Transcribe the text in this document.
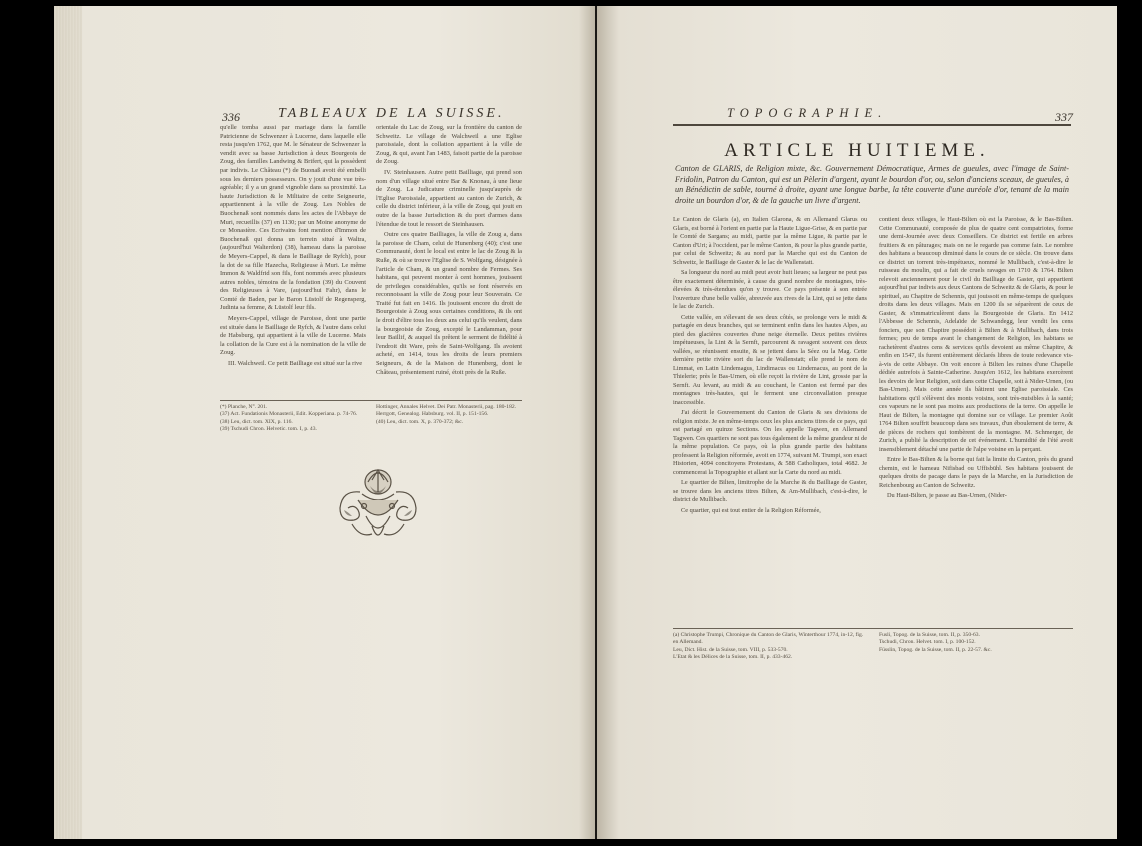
336	TABLEAUX DE LA SUISSE.

qu'elle tomba aussi par mariage dans la famille Patricienne de Schwenzer à Lucerne, dans laquelle elle resta jusqu'en 1762, que M. le Sénateur de Schwenzer la vendit avec sa basse Jurisdiction à deux Bourgeois de Zoug, des familles Landwing & Brifert, qui la possèdent par indivis. Le Château (*) de Buonaß avoit été embelli sous les derniers possesseurs. On y jouit d'une vue très-agréable; il y a un grand vignoble dans sa proximité. La haute Jurisdiction & le Militaire de cette Seigneurie, appartiennent à la ville de Zoug. Les Nobles de Buochenaß sont nommés dans les actes de l'Abbaye de Muri, recueillis (37) en 1130; par un Moine anonyme de ce Monastère. Ces Ecrivains font mention d'Immon de Buochenaß qui donna un terrein situé à Waltra, (aujourd'hui Walterdon) (38), hameau dans la paroisse de Meyers-Cappel, & dans le Bailliage de Ryfch), pour la dot de sa fille Hazecha, Religieuse à Muri. Le même Immon & Waldfrid son fils, font nommés avec plusieurs autres nobles, témoins de la fondation (39) du Couvent des Religieuses à Vare, (aujourd'hui Fahr), dans le Comté de Baden, par le Baron Lüstolf de Regensperg, Judinta sa femme, & Lüstolf leur fils.

Meyers-Cappel, village de Paroisse, dont une partie est située dans le Bailliage de Ryfch, & l'autre dans celui de Habsburg, qui appartient à la ville de Lucerne. Mais la collation de la Cure est à la nomination de la ville de Zoug.

III. Walchweil. Ce petit Bailliage est situé sur la rive

orientale du Lac de Zoug, sur la frontière du canton de Schweitz. Le village de Walchweil a une Eglise paroissiale, dont la collation appartient à la ville de Zoug, & qui, avant l'an 1483, faisoit partie de la paroisse de Zoug.

IV. Steinhausen. Autre petit Bailliage, qui prend son nom d'un village situé entre Bar & Knonau, à une lieue de Zoug. La Judicature criminelle jusqu'auprès de l'Eglise Paroissiale, appartient au canton de Zurich, & celle du district inférieur, à la ville de Zoug, qui jouit en outre de la basse Jurisdiction & du port d'armes dans l'étendue de tout le ressort de Steinhausen.

Outre ces quatre Bailliages, la ville de Zoug a, dans la paroisse de Cham, celui de Hunenberg (40); c'est une Communauté, dont le local est entre le lac de Zoug & la Ruße, & où se trouve l'Eglise de S. Wolfgang, désignée à l'article de Cham, & un grand nombre de Fermes. Ses habitans, qui peuvent monter à cent hommes, jouissent de privileges considérables, qu'ils se font réservés en reconnoissant la ville de Zoug pour leur Souverain. Ce Traité fut fait en 1416. Ils jouissent encore du droit de Bourgeoisie à Zoug sous certaines conditions, & ils ont le droit d'élire tous les deux ans celui qu'ils veulent, dans la bourgeoisie de Zoug, excepté le Landamman, pour leur Baillif, & auquel ils prêtent le serment de fidélité à l'endroit dit Ware, près de Saint-Wolfgang. Ils avoient acheté, en 1414, tous les droits de leurs premiers Seigneurs, & de la Maison de Hunenberg, dont le Château, présentement ruiné, étoit près de la Ruße.

(*) Planche, N°. 201.
(37) Act. Fundationis Monasterii, Edit. Kopperiana. p. 74-76.
(38) Leu, dict. tom. XIX, p. 116.
(39) Tschudi Chron. Helvetic. tom. I, p. 43.
Hottinger, Annales Helvet. Dei Patr. Monasterii, pag. 180-182.
Herrgott, Genealog. Habsburg. vol. II, p. 151-156.
(40) Leu, dict. tom. X, p. 370-372; &c.
TOPOGRAPHIE.	337
ARTICLE HUITIEME.
Canton de GLARIS, de Religion mixte, &c. Gouvernement Démocratique, Armes de gueules, avec l'image de Saint-Fridolin, Patron du Canton, qui est un Pèlerin d'argent, ayant le bourdon d'or, ou, selon d'anciens sceaux, de gueules, à un Bénédictin de sable, tourné à droite, ayant une longue barbe, la tête couverte d'une auréole d'or, tenant de la main droite un bourdon d'or, & de la gauche un livre d'argent.

Le Canton de Glaris (a), en Italien Glarona, & en Allemand Glarus ou Glaris, est borné à l'orient en partie par la Haute Ligue-Grise, & en partie par le Comté de Sargans; au midi, partie par la même Ligue, & partie par le Canton d'Uri; à l'occident, par le même Canton, & pour la plus grande partie, par celui de Schweitz; & au nord par la Marche qui est du Canton de Schweitz, le Bailliage de Gaster & le lac de Wallenstatt.

Sa longueur du nord au midi peut avoir huit lieues; sa largeur ne peut pas être exactement déterminée, à cause du grand nombre de montagnes, très-élevées & très-étendues qu'on y trouve. Ce pays présente à son entrée l'ouverture d'une belle vallée, abreuvée aux rives de la Lint, qui se jette dans le lac de Zurich.

Cette vallée, en s'élevant de ses deux côtés, se prolonge vers le midi & partagée en deux branches, qui se terminent enfin dans les hautes Alpes, au pied des glacières couvertes d'une neige éternelle. Deux petites rivières impétueuses, la Lint & la Sernft, parcourent & ravagent souvent ces deux vallées, se réunissent ensuite, & se jettent dans la Séez ou la Mag. Cette dernière petite rivière sort du lac de Wallenstatt; elle prend le nom de Limmat, en Latin Lindemagus, Lindimacus ou Lindemacus, au pont de la Thielerie; près le Bas-Urnen, où elle reçoit la rivière de Lint, grossie par la Sernft. Au levant, au midi & au couchant, le Canton est fermé par des montagnes très-hautes, qui le ferment une circonvallation presque inaccessible.

J'ai décrit le Gouvernement du Canton de Glaris & ses divisions de religion mixte. Je en même-temps ceux les plus anciens titres de ce pays, qui est partagé en quinze Sections. On les appelle Tagwen, en Allemand Tagwen. Ces quartiers ne sont pas tous également de la même grandeur ni de la même population. Ce pays, où la plus grande partie des habitans professent la Religion réformée, avoit en 1774, suivant M. Trumpi, son exact Historien, 4094 concitoyens Protestans, & 588 Catholiques, total 4682. Je commencerai la Topographie et allant sur la Carte du nord au midi.

Le quartier de Bilten, limitrophe de la Marche & du Bailliage de Gaster, se trouve dans les anciens titres Bilten, & Am-Mullibach, c'est-à-dire, le district de Mullibach.

Ce quartier, qui est tout entier de la Religion Réformée,

contient deux villages, le Haut-Bilten où est la Paroisse, & le Bas-Bilten. Cette Communauté, composée de plus de quatre cent compatriotes, forme une demi-Journée avec deux Conseillers. Ce district est fertile en arbres fruitiers & en pâturages; mais on ne le regarde pas comme fain. Le nombre des habitans a beaucoup diminué dans le cours de ce siècle. On trouve dans ce district un torrent très-impétueux, nommé le Mullibach, c'est-à-dire le ruisseau du moulin, qui a fait de cruels ravages en 1710 & 1764. Bilten relevoit anciennement pour le civil du Bailliage de Gaster, qui appartient aujourd'hui par indivis aux deux Cantons de Schweitz & de Glaris, & pour le spirituel, au Chapitre de Schennis, qui jouissoit en même-temps de quelques droits dans les deux villages. Mais en 1200 ils se séparèrent de ceux de Gaster, & s'immatriculèrent dans la Bourgeoisie de Glaris. En 1412 l'Abbesse de Schennis, Adelaïde de Schwandegg, leur vendit les cens fonciers, que son Chapitre possédoit à Bilten & à Mullibach, dans trois fermes; peu de temps avant le changement de Religion, les habitans se rachetèrent d'autres cens & services qu'ils devoient au même Chapitre, & enfin en 1547, ils furent entièrement déclarés libres de toute redevance vis-à-vis de cette Abbaye. On voit encore à Bilten les ruines d'une Chapelle dédiée autrefois à Sainte-Catherine. Jusqu'en 1612, les habitans exercèrent les devoirs de leur Religion, soit dans cette Chapelle, soit à Nider-Urnen, (ou Bas-Urnen). Mais cette année ils bâtirent une Eglise paroissiale. Ces habitations qu'il s'élèvent des monts voisins, sont très-nuisibles à la santé; ces vapeurs ne le sont pas moins aux productions de la terre. On appelle le Haut de Bilten, la montagne qui domine sur ce village. Le premier Août 1764 Bilten souffrit beaucoup dans ses travaux, d'un éboulement de terre, & de pièces de rochers qui tombèrent de la montagne. M. Schmerger, de Zurich, a publié la description de cet événement. L'humidité de l'été avoit insensiblement détaché une partie de l'alpe voisine en la perçant.

Entre le Bas-Bilten & la borne qui fait la limite du Canton, près du grand chemin, est le hameau Nifisbad ou Uffisbühl. Ses habitans jouissent de quelques droits de pacage dans le pays de la Marche, en la Jurisdiction de Reichenbourg au Canton de Schweitz.

Du Haut-Bilten, je passe au Bas-Urnen, (Nider-

(a) Christophe Trumpi, Chronique du Canton de Glaris, Winterthour 1774, in-12, fig. en Allemand.
Leu, Dict. Hist. de la Suisse, tom. VIII, p. 533-570.
L'Etat & les Délices de la Suisse, tom. II, p. 433-462.
Fusli, Topog. de la Suisse, tom. II, p. 350-63.
Tschudi, Chron. Helvet. tom. I, p. 100-152.
Füsslin, Topog. de la Suisse, tom. II, p. 22-57. &c.
